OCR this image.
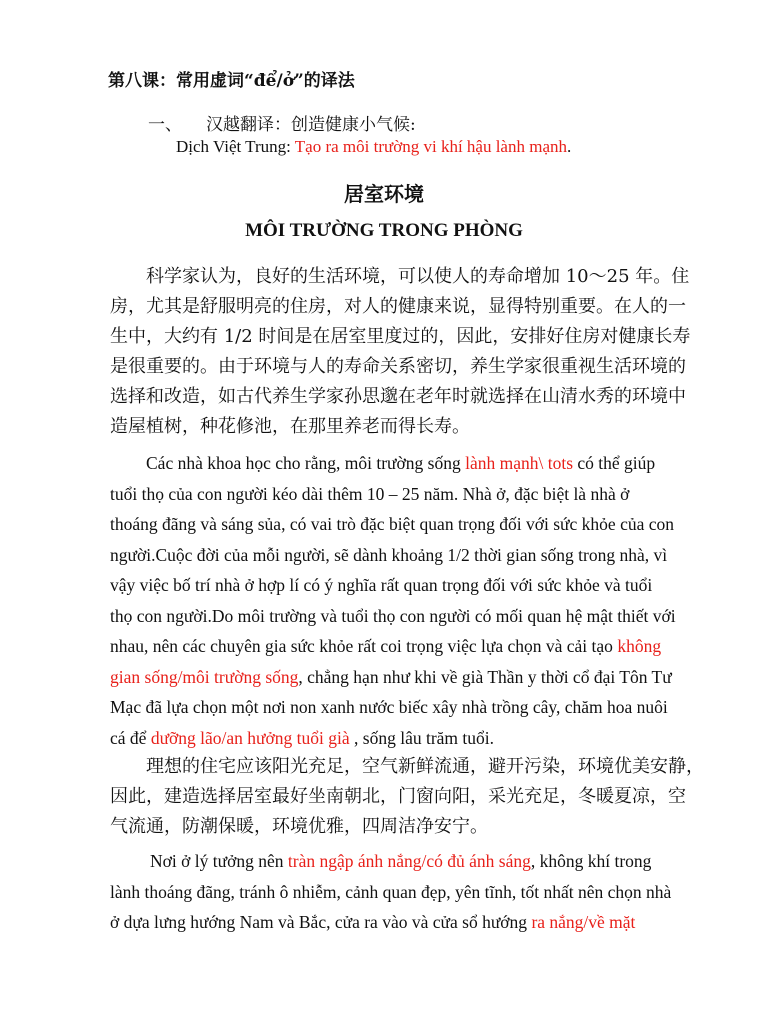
第八课：常用虚词“để/ở”的译法
一、 汉越翻译：创造健康小气候:
Dịch Việt Trung: Tạo ra môi trường vi khí hậu lành mạnh.
居室环境
MÔI TRƯỜNG TRONG PHÒNG
　　科学家认为，良好的生活环境，可以使人的寿命增加 10～25 年。住
房，尤其是舒服明亮的住房，对人的健康来说，显得特别重要。在人的一
生中，大约有 1/2 时间是在居室里度过的，因此，安排好住房对健康长寿
是很重要的。由于环境与人的寿命关系密切，养生学家很重视生活环境的
选择和改造，如古代养生学家孙思邈在老年时就选择在山清水秀的环境中
造屋植树，种花修池，在那里养老而得长寿。
Các nhà khoa học cho rằng, môi trường sống lành mạnh\ tots có thể giúp
tuổi thọ của con người kéo dài thêm 10 – 25 năm. Nhà ở, đặc biệt là nhà ở
thoáng đãng và sáng sủa, có vai trò đặc biệt quan trọng đối với sức khỏe của con
người.Cuộc đời của mỗi người, sẽ dành khoảng 1/2 thời gian sống trong nhà, vì
vậy việc bố trí nhà ở hợp lí có ý nghĩa rất quan trọng đối với sức khỏe và tuổi
thọ con người.Do môi trường và tuổi thọ con người có mối quan hệ mật thiết với
nhau, nên các chuyên gia sức khỏe rất coi trọng việc lựa chọn và cải tạo không
gian sống/môi trường sống, chẳng hạn như khi về già Thần y thời cổ đại Tôn Tư
Mạc đã lựa chọn một nơi non xanh nước biếc xây nhà trồng cây, chăm hoa nuôi
cá để dưỡng lão/an hưởng tuổi già , sống lâu trăm tuổi.
　　理想的住宅应该阳光充足，空气新鲜流通，避开污染，环境优美安静，
因此，建造选择居室最好坐南朝北，门窗向阳，采光充足，冬暖夏凉，空
气流通，防潮保暖，环境优雅，四周洁净安宁。
Nơi ở lý tưởng nên tràn ngập ánh nắng/có đủ ánh sáng, không khí trong
lành thoáng đãng, tránh ô nhiễm, cảnh quan đẹp, yên tĩnh, tốt nhất nên chọn nhà
ở dựa lưng hướng Nam và Bắc, cửa ra vào và cửa sổ hướng ra nắng/về mặt
